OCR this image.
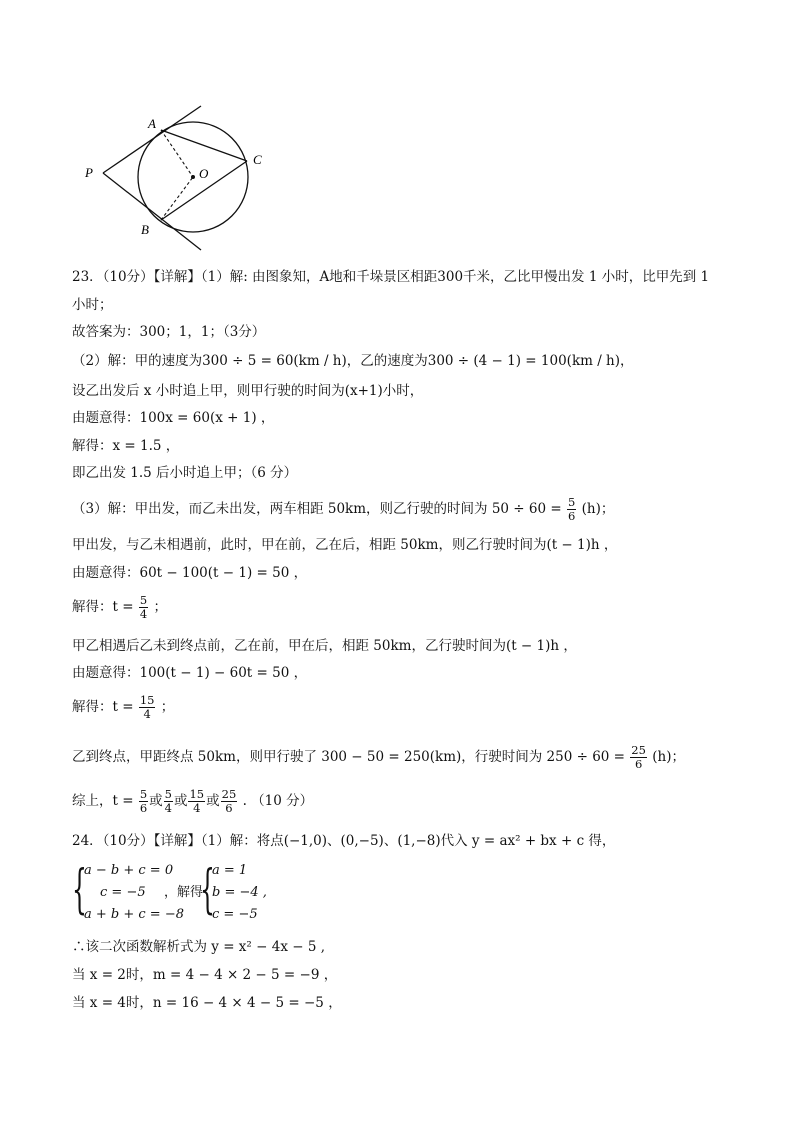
A
B
C
O
P
23．（10分）【详解】（1）解: 由图象知，A地和千垛景区相距300千米，乙比甲慢出发 1 小时，比甲先到 1
小时；
故答案为：300；1，1；（3分）
（2）解：甲的速度为300 ÷ 5 = 60(km / h)，乙的速度为300 ÷ (4 − 1) = 100(km / h)，
设乙出发后 x 小时追上甲，则甲行驶的时间为(x+1)小时，
由题意得：100x = 60(x + 1) ，
解得：x = 1.5 ，
即乙出发 1.5 后小时追上甲；（6 分）
（3）解：甲出发，而乙未出发，两车相距 50km，则乙行驶的时间为 $50 \div 60 = \frac{5}{6} (h)$；
甲出发，与乙未相遇前，此时，甲在前，乙在后，相距 50km，则乙行驶时间为(t − 1)h ，
由题意得：60t − 100(t − 1) = 50 ，
解得：$t = \frac{5}{4}$ ；
甲乙相遇后乙未到终点前，乙在前，甲在后，相距 50km，乙行驶时间为(t − 1)h ，
由题意得：100(t − 1) − 60t = 50 ，
解得：$t = \frac{15}{4}$ ；
乙到终点，甲距终点 50km，则甲行驶了 300 − 50 = 250(km)，行驶时间为 $250 \div 60 = \frac{25}{6} (h)$；
综上，$t = \frac{5}{6}$ 或 $\frac{5}{4}$ 或 $\frac{15}{4}$ 或 $\frac{25}{6}$ . （10 分）
24．（10分）【详解】（1）解：将点(−1,0)、(0,−5)、(1,−8)代入 y = ax² + bx + c 得，
{
a − b + c = 0
c = −5
a + b + c = −8
，解得
{
a = 1
b = −4 ,
c = −5
∴该二次函数解析式为 y = x² − 4x − 5 ,
当 x = 2时，m = 4 − 4 × 2 − 5 = −9 ，
当 x = 4时，n = 16 − 4 × 4 − 5 = −5 ，
